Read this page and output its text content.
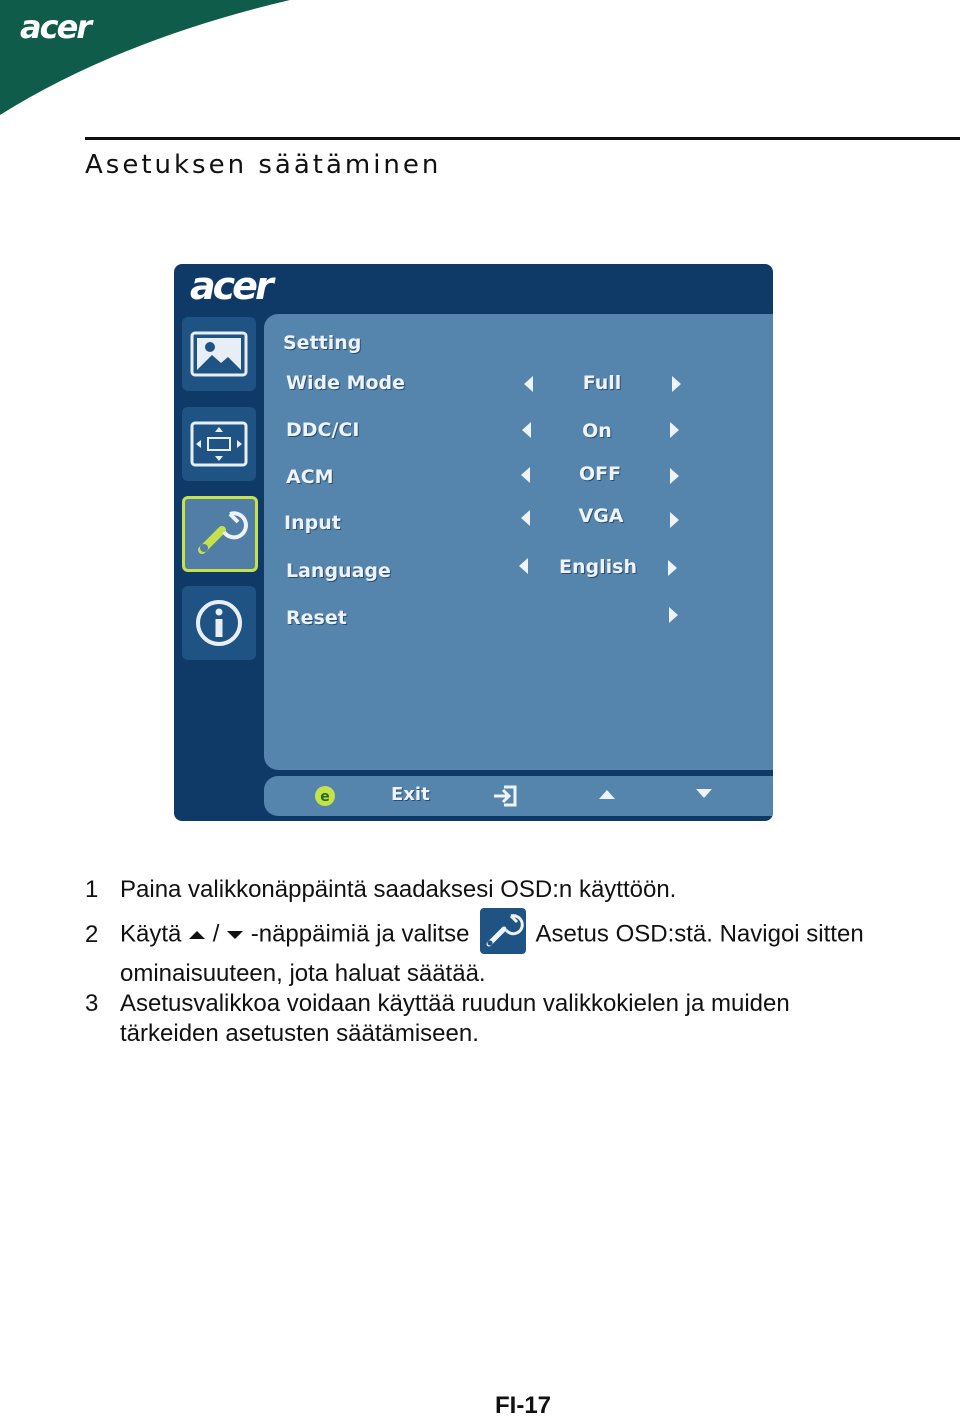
acer
Asetuksen säätäminen
acer
Setting
Wide Mode	Full
DDC/CI	On
ACM	OFF
Input	VGA
Language	English
Reset
e	Exit
1 Paina valikkonäppäintä saadaksesi OSD:n käyttöön.
2 Käytä / -näppäimiä ja valitse	Asetus OSD:stä. Navigoi sitten
ominaisuuteen, jota haluat säätää.
3 Asetusvalikkoa voidaan käyttää ruudun valikkokielen ja muiden
tärkeiden asetusten säätämiseen.
FI-17
